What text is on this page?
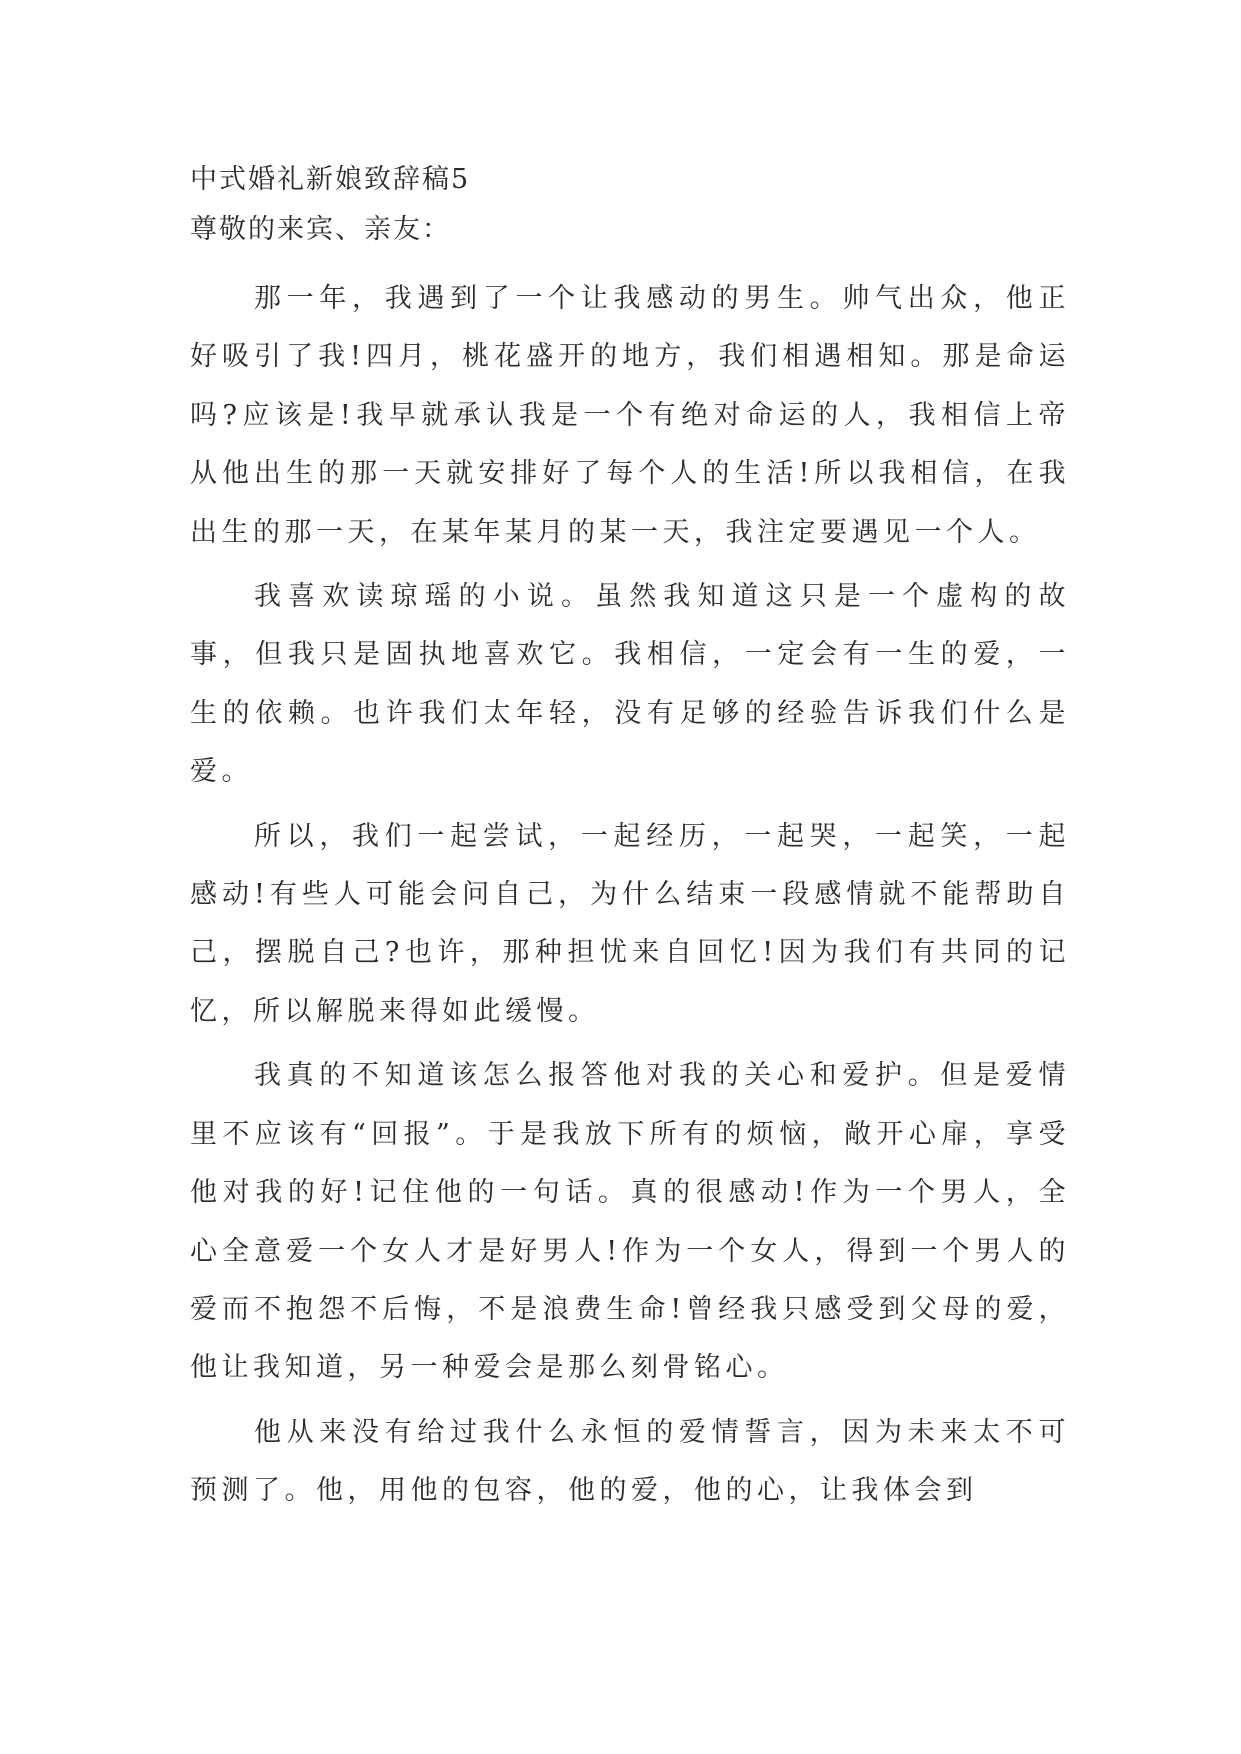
中式婚礼新娘致辞稿5
尊敬的来宾、亲友：

那一年，我遇到了一个让我感动的男生。帅气出众，他正好吸引了我!四月，桃花盛开的地方，我们相遇相知。那是命运吗?应该是!我早就承认我是一个有绝对命运的人，我相信上帝从他出生的那一天就安排好了每个人的生活!所以我相信，在我出生的那一天，在某年某月的某一天，我注定要遇见一个人。

我喜欢读琼瑶的小说。虽然我知道这只是一个虚构的故事，但我只是固执地喜欢它。我相信，一定会有一生的爱，一生的依赖。也许我们太年轻，没有足够的经验告诉我们什么是爱。

所以，我们一起尝试，一起经历，一起哭，一起笑，一起感动!有些人可能会问自己，为什么结束一段感情就不能帮助自己，摆脱自己?也许，那种担忧来自回忆!因为我们有共同的记忆，所以解脱来得如此缓慢。

我真的不知道该怎么报答他对我的关心和爱护。但是爱情里不应该有“回报”。于是我放下所有的烦恼，敞开心扉，享受他对我的好!记住他的一句话。真的很感动!作为一个男人，全心全意爱一个女人才是好男人!作为一个女人，得到一个男人的爱而不抱怨不后悔，不是浪费生命!曾经我只感受到父母的爱，他让我知道，另一种爱会是那么刻骨铭心。

他从来没有给过我什么永恒的爱情誓言，因为未来太不可预测了。他，用他的包容，他的爱，他的心，让我体会到
